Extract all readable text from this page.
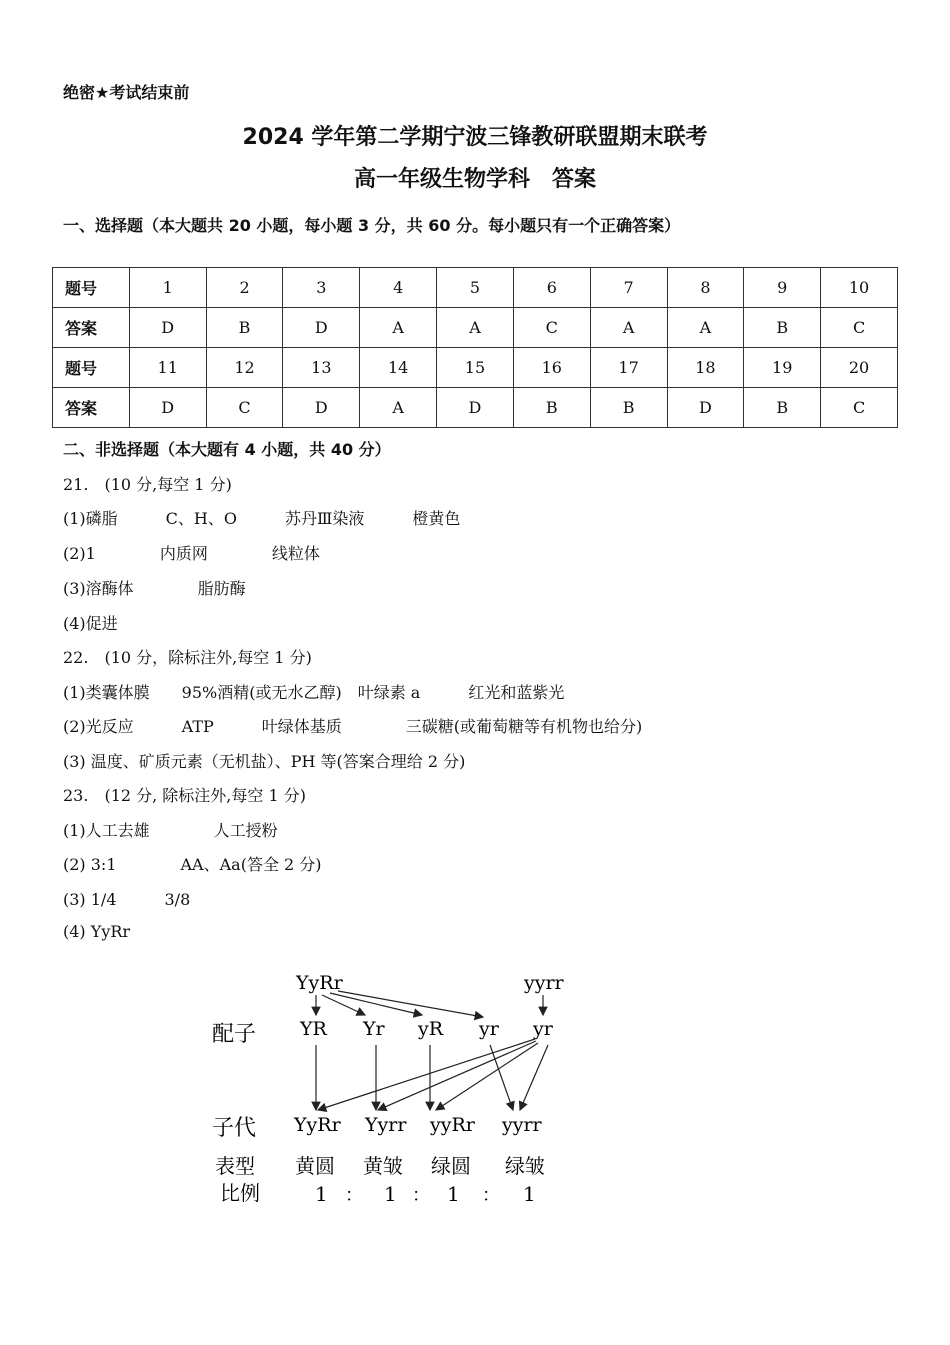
绝密★考试结束前
2024 学年第二学期宁波三锋教研联盟期末联考
高一年级生物学科　答案
一、选择题（本大题共 20 小题，每小题 3 分，共 60 分。每小题只有一个正确答案）
题号	1	2	3	4	5	6	7	8	9	10
答案	D	B	D	A	A	C	A	A	B	C
题号	11	12	13	14	15	16	17	18	19	20
答案	D	C	D	A	D	B	B	D	B	C
二、非选择题（本大题有 4 小题，共 40 分）
21.　(10 分,每空 1 分)
(1)磷脂　　　C、H、O　　　苏丹Ⅲ染液　　　橙黄色
(2)1　　　　内质网　　　　线粒体
(3)溶酶体　　　　脂肪酶
(4)促进
22.　(10 分，除标注外,每空 1 分)
(1)类囊体膜　　95%酒精(或无水乙醇)　叶绿素 a　　　红光和蓝紫光
(2)光反应　　　ATP　　　叶绿体基质　　　　三碳糖(或葡萄糖等有机物也给分)
(3) 温度、矿质元素（无机盐）、PH 等(答案合理给 2 分)
23.　(12 分, 除标注外,每空 1 分)
(1)人工去雄　　　　人工授粉
(2) 3:1　　　　AA、Aa(答全 2 分)
(3) 1/4　　　3/8
(4) YyRr
YyRr	yyrr
配子
子代
表型
比例
YR Yr yR yr yr
YyRr Yyrr yyRr yyrr
黄圆 黄皱 绿圆 绿皱
1 ： 1 ： 1 ： 1
